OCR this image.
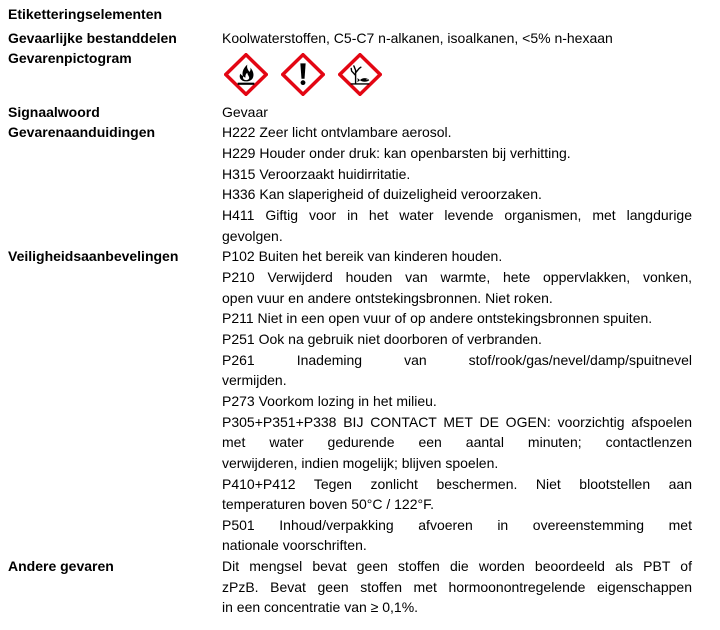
Etiketteringselementen
Gevaarlijke bestanddelen	Koolwaterstoffen, C5-C7 n-alkanen, isoalkanen, <5% n-hexaan
Gevarenpictogram
Signaalwoord	Gevaar
Gevarenaanduidingen	H222 Zeer licht ontvlambare aerosol.
H229 Houder onder druk: kan openbarsten bij verhitting.
H315 Veroorzaakt huidirritatie.
H336 Kan slaperigheid of duizeligheid veroorzaken.
H411 Giftig voor in het water levende organismen, met langdurige
gevolgen.
Veiligheidsaanbevelingen	P102 Buiten het bereik van kinderen houden.
P210 Verwijderd houden van warmte, hete oppervlakken, vonken,
open vuur en andere ontstekingsbronnen. Niet roken.
P211 Niet in een open vuur of op andere ontstekingsbronnen spuiten.
P251 Ook na gebruik niet doorboren of verbranden.
P261 Inademing van stof/rook/gas/nevel/damp/spuitnevel
vermijden.
P273 Voorkom lozing in het milieu.
P305+P351+P338 BIJ CONTACT MET DE OGEN: voorzichtig afspoelen
met water gedurende een aantal minuten; contactlenzen
verwijderen, indien mogelijk; blijven spoelen.
P410+P412 Tegen zonlicht beschermen. Niet blootstellen aan
temperaturen boven 50°C / 122°F.
P501 Inhoud/verpakking afvoeren in overeenstemming met
nationale voorschriften.
Andere gevaren	Dit mengsel bevat geen stoffen die worden beoordeeld als PBT of
zPzB. Bevat geen stoffen met hormoonontregelende eigenschappen
in een concentratie van ≥ 0,1%.
